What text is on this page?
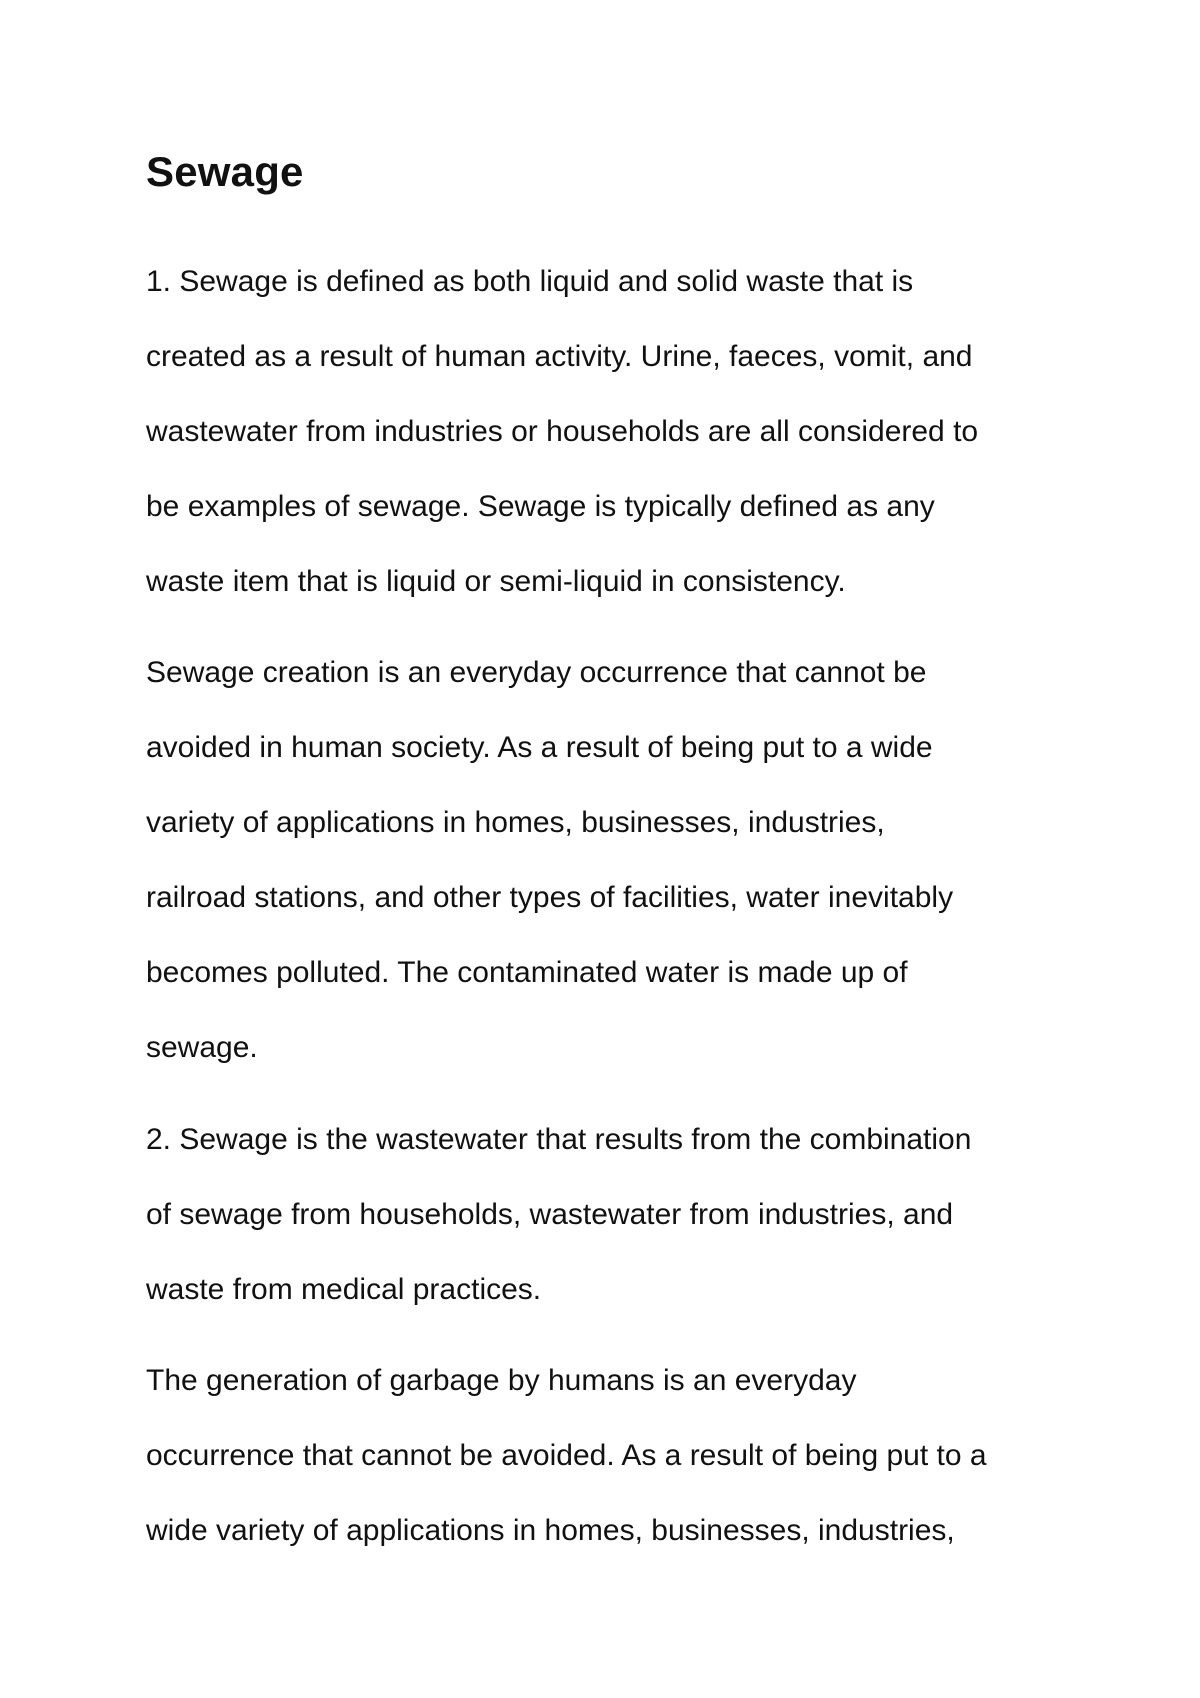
Sewage

1. Sewage is defined as both liquid and solid waste that is
created as a result of human activity. Urine, faeces, vomit, and
wastewater from industries or households are all considered to
be examples of sewage. Sewage is typically defined as any
waste item that is liquid or semi-liquid in consistency.

Sewage creation is an everyday occurrence that cannot be
avoided in human society. As a result of being put to a wide
variety of applications in homes, businesses, industries,
railroad stations, and other types of facilities, water inevitably
becomes polluted. The contaminated water is made up of
sewage.

2. Sewage is the wastewater that results from the combination
of sewage from households, wastewater from industries, and
waste from medical practices.

The generation of garbage by humans is an everyday
occurrence that cannot be avoided. As a result of being put to a
wide variety of applications in homes, businesses, industries,
